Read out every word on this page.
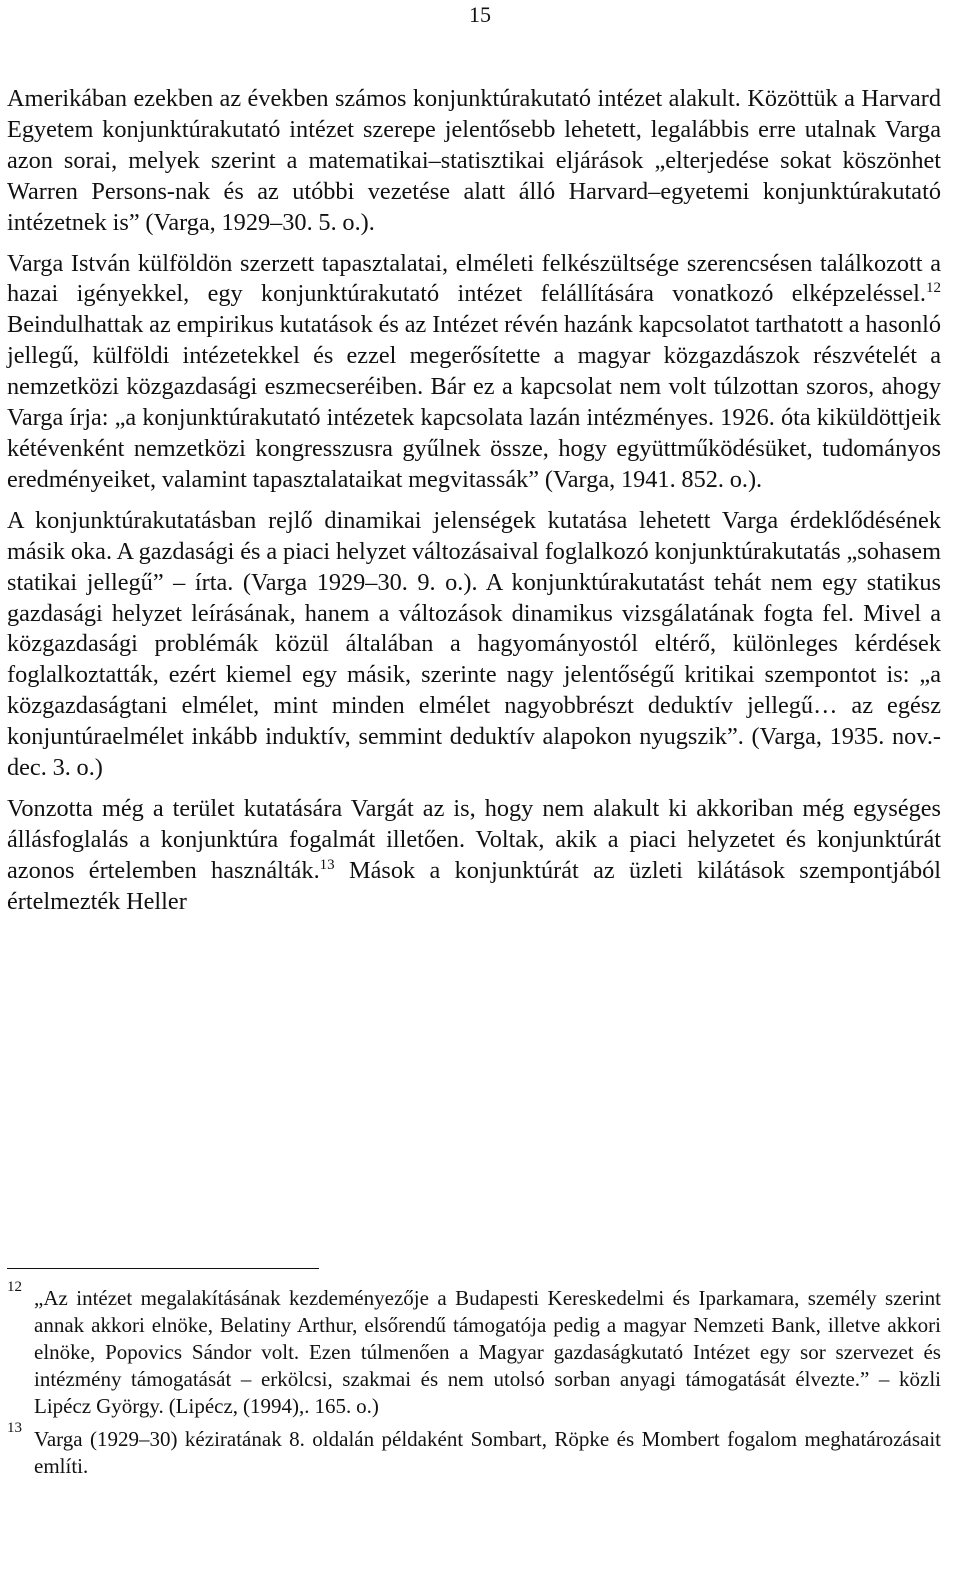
15

Amerikában ezekben az években számos konjunktúrakutató intézet alakult. Közöttük a Harvard Egyetem konjunktúrakutató intézet szerepe jelentősebb lehetett, legalábbis erre utalnak Varga azon sorai, melyek szerint a matematikai–statisztikai eljárások „elterjedése sokat köszönhet Warren Persons-nak és az utóbbi vezetése alatt álló Harvard–egyetemi konjunktúrakutató intézetnek is” (Varga, 1929–30. 5. o.).

Varga István külföldön szerzett tapasztalatai, elméleti felkészültsége szerencsésen találkozott a hazai igényekkel, egy konjunktúrakutató intézet felállítására vonatkozó elképzeléssel.$^{12}$ Beindulhattak az empirikus kutatások és az Intézet révén hazánk kapcsolatot tarthatott a hasonló jellegű, külföldi intézetekkel és ezzel megerősítette a magyar közgazdászok részvételét a nemzetközi közgazdasági eszmecseréiben. Bár ez a kapcsolat nem volt túlzottan szoros, ahogy Varga írja: „a konjunktúrakutató intézetek kapcsolata lazán intézményes. 1926. óta kiküldöttjeik kétévenként nemzetközi kongresszusra gyűlnek össze, hogy együttműködésüket, tudományos eredményeiket, valamint tapasztalataikat megvitassák” (Varga, 1941. 852. o.).

A konjunktúrakutatásban rejlő dinamikai jelenségek kutatása lehetett Varga érdeklődésének másik oka. A gazdasági és a piaci helyzet változásaival foglalkozó konjunktúrakutatás „sohasem statikai jellegű” – írta. (Varga 1929–30. 9. o.). A konjunktúrakutatást tehát nem egy statikus gazdasági helyzet leírásának, hanem a változások dinamikus vizsgálatának fogta fel. Mivel a közgazdasági problémák közül általában a hagyományostól eltérő, különleges kérdések foglalkoztatták, ezért kiemel egy másik, szerinte nagy jelentőségű kritikai szempontot is: „a közgazdaságtani elmélet, mint minden elmélet nagyobbrészt deduktív jellegű… az egész konjuntúraelmélet inkább induktív, semmint deduktív alapokon nyugszik”. (Varga, 1935. nov.-dec. 3. o.)

Vonzotta még a terület kutatására Vargát az is, hogy nem alakult ki akkoriban még egységes állásfoglalás a konjunktúra fogalmát illetően. Voltak, akik a piaci helyzetet és konjunktúrát azonos értelemben használták.$^{13}$ Mások a konjunktúrát az üzleti kilátások szempontjából értelmezték Heller

12 „Az intézet megalakításának kezdeményezője a Budapesti Kereskedelmi és Iparkamara, személy szerint annak akkori elnöke, Belatiny Arthur, elsőrendű támogatója pedig a magyar Nemzeti Bank, illetve akkori elnöke, Popovics Sándor volt. Ezen túlmenően a Magyar gazdaságkutató Intézet egy sor szervezet és intézmény támogatását – erkölcsi, szakmai és nem utolsó sorban anyagi támogatását élvezte.” – közli Lipécz György. (Lipécz, (1994),. 165. o.)

13 Varga (1929–30) kéziratának 8. oldalán példaként Sombart, Röpke és Mombert fogalom meghatározásait említi.
